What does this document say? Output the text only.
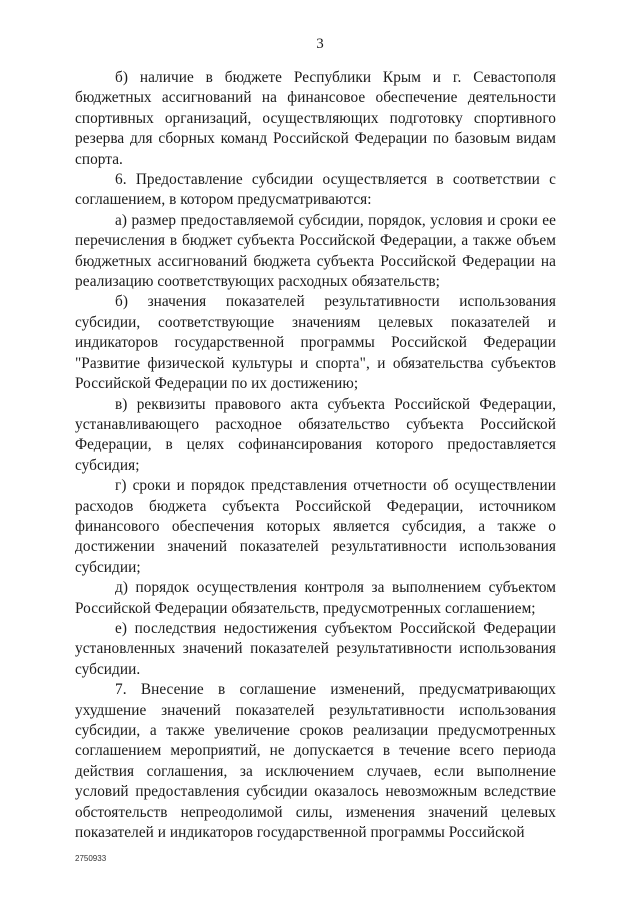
3

б) наличие в бюджете Республики Крым и г. Севастополя бюджетных ассигнований на финансовое обеспечение деятельности спортивных организаций, осуществляющих подготовку спортивного резерва для сборных команд Российской Федерации по базовым видам спорта.

6. Предоставление субсидии осуществляется в соответствии с соглашением, в котором предусматриваются:

а) размер предоставляемой субсидии, порядок, условия и сроки ее перечисления в бюджет субъекта Российской Федерации, а также объем бюджетных ассигнований бюджета субъекта Российской Федерации на реализацию соответствующих расходных обязательств;

б) значения показателей результативности использования субсидии, соответствующие значениям целевых показателей и индикаторов государственной программы Российской Федерации "Развитие физической культуры и спорта", и обязательства субъектов Российской Федерации по их достижению;

в) реквизиты правового акта субъекта Российской Федерации, устанавливающего расходное обязательство субъекта Российской Федерации, в целях софинансирования которого предоставляется субсидия;

г) сроки и порядок представления отчетности об осуществлении расходов бюджета субъекта Российской Федерации, источником финансового обеспечения которых является субсидия, а также о достижении значений показателей результативности использования субсидии;

д) порядок осуществления контроля за выполнением субъектом Российской Федерации обязательств, предусмотренных соглашением;

е) последствия недостижения субъектом Российской Федерации установленных значений показателей результативности использования субсидии.

7. Внесение в соглашение изменений, предусматривающих ухудшение значений показателей результативности использования субсидии, а также увеличение сроков реализации предусмотренных соглашением мероприятий, не допускается в течение всего периода действия соглашения, за исключением случаев, если выполнение условий предоставления субсидии оказалось невозможным вследствие обстоятельств непреодолимой силы, изменения значений целевых показателей и индикаторов государственной программы Российской

2750933
